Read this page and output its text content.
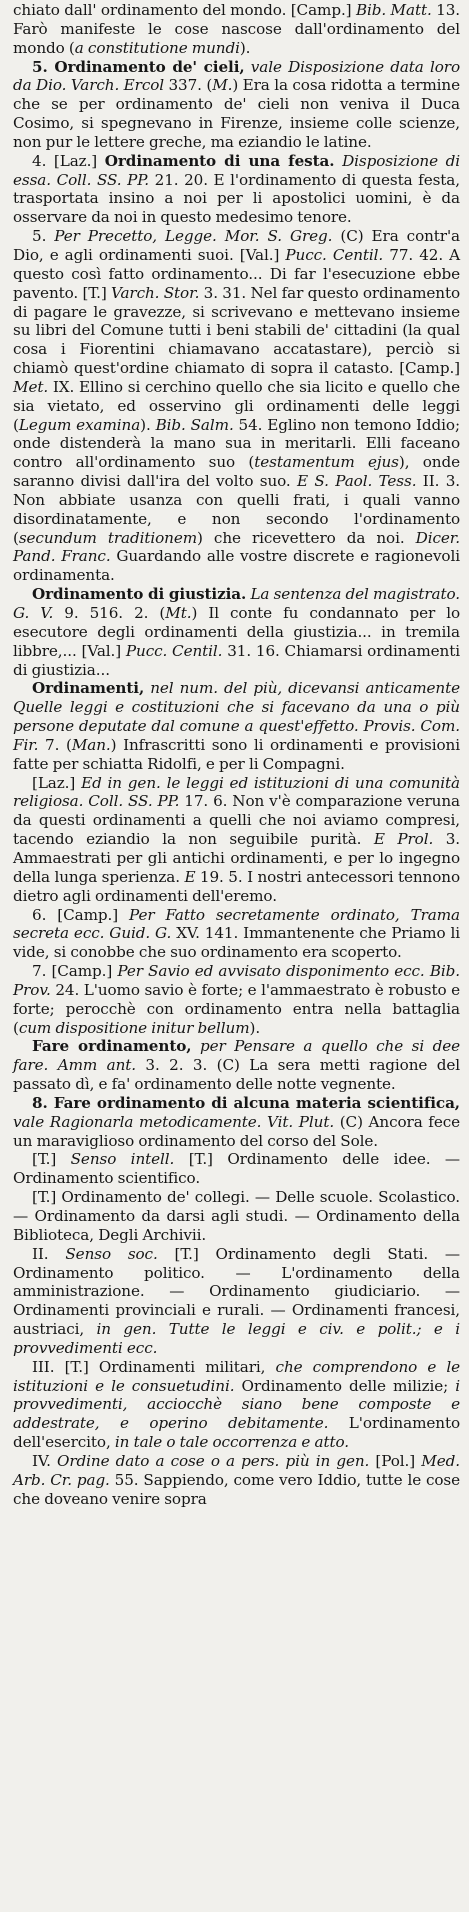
chiato dall' ordinamento del mondo. [Camp.] Bib. Matt. 13. Farò manifeste le cose nascose dall'ordinamento del mondo (a constitutione mundi).

5. Ordinamento de' cieli, vale Disposizione data loro da Dio. Varch. Ercol 337. (M.) Era la cosa ridotta a termine che se per ordinamento de' cieli non veniva il Duca Cosimo, si spegnevano in Firenze, insieme colle scienze, non pur le lettere greche, ma eziandio le latine.

4. [Laz.] Ordinamento di una festa. Disposizione di essa. Coll. SS. PP. 21. 20. E l'ordinamento di questa festa, trasportata insino a noi per li apostolici uomini, è da osservare da noi in questo medesimo tenore.

5. Per Precetto, Legge. Mor. S. Greg. (C) Era contr'a Dio, e agli ordinamenti suoi. [Val.] Pucc. Centil. 77. 42. A questo così fatto ordinamento... Di far l'esecuzione ebbe pavento. [T.] Varch. Stor. 3. 31. Nel far questo ordinamento di pagare le gravezze, si scrivevano e mettevano insieme su libri del Comune tutti i beni stabili de' cittadini (la qual cosa i Fiorentini chiamavano accatastare), perciò si chiamò quest'ordine chiamato di sopra il catasto. [Camp.] Met. IX. Ellino si cerchino quello che sia licito e quello che sia vietato, ed osservino gli ordinamenti delle leggi (Legum examina). Bib. Salm. 54. Eglino non temono Iddio; onde distenderà la mano sua in meritarli. Elli faceano contro all'ordinamento suo (testamentum ejus), onde saranno divisi dall'ira del volto suo. E S. Paol. Tess. II. 3. Non abbiate usanza con quelli frati, i quali vanno disordinatamente, e non secondo l'ordinamento (secundum traditionem) che ricevettero da noi. Dicer. Pand. Franc. Guardando alle vostre discrete e ragionevoli ordinamenta.

Ordinamento di giustizia. La sentenza del magistrato. G. V. 9. 516. 2. (Mt.) Il conte fu condannato per lo esecutore degli ordinamenti della giustizia... in tremila libbre,... [Val.] Pucc. Centil. 31. 16. Chiamarsi ordinamenti di giustizia...

Ordinamenti, nel num. del più, dicevansi anticamente Quelle leggi e costituzioni che si facevano da una o più persone deputate dal comune a quest'effetto. Provis. Com. Fir. 7. (Man.) Infrascritti sono li ordinamenti e provisioni fatte per schiatta Ridolfi, e per li Compagni.

[Laz.] Ed in gen. le leggi ed istituzioni di una comunità religiosa. Coll. SS. PP. 17. 6. Non v'è comparazione veruna da questi ordinamenti a quelli che noi aviamo compresi, tacendo eziandio la non seguibile purità. E Prol. 3. Ammaestrati per gli antichi ordinamenti, e per lo ingegno della lunga sperienza. E 19. 5. I nostri antecessori tennono dietro agli ordinamenti dell'eremo.

6. [Camp.] Per Fatto secretamente ordinato, Trama secreta ecc. Guid. G. XV. 141. Immantenente che Priamo li vide, si conobbe che suo ordinamento era scoperto.

7. [Camp.] Per Savio ed avvisato disponimento ecc. Bib. Prov. 24. L'uomo savio è forte; e l'ammaestrato è robusto e forte; perocchè con ordinamento entra nella battaglia (cum dispositione initur bellum).

Fare ordinamento, per Pensare a quello che si dee fare. Amm ant. 3. 2. 3. (C) La sera metti ragione del passato dì, e fa' ordinamento delle notte vegnente.

8. Fare ordinamento di alcuna materia scientifica, vale Ragionarla metodicamente. Vit. Plut. (C) Ancora fece un maraviglioso ordinamento del corso del Sole.

[T.] Senso intell. [T.] Ordinamento delle idee. — Ordinamento scientifico.

[T.] Ordinamento de' collegi. — Delle scuole. Scolastico. — Ordinamento da darsi agli studi. — Ordinamento della Biblioteca, Degli Archivii.

II. Senso soc. [T.] Ordinamento degli Stati. — Ordinamento politico. — L'ordinamento della amministrazione. — Ordinamento giudiciario. — Ordinamenti provinciali e rurali. — Ordinamenti francesi, austriaci, in gen. Tutte le leggi e civ. e polit.; e i provvedimenti ecc.

III. [T.] Ordinamenti militari, che comprendono e le istituzioni e le consuetudini. Ordinamento delle milizie; i provvedimenti, acciocchè siano bene composte e addestrate, e operino debitamente. L'ordinamento dell'esercito, in tale o tale occorrenza e atto.

IV. Ordine dato a cose o a pers. più in gen. [Pol.] Med. Arb. Cr. pag. 55. Sappiendo, come vero Iddio, tutte le cose che doveano venire sopra
